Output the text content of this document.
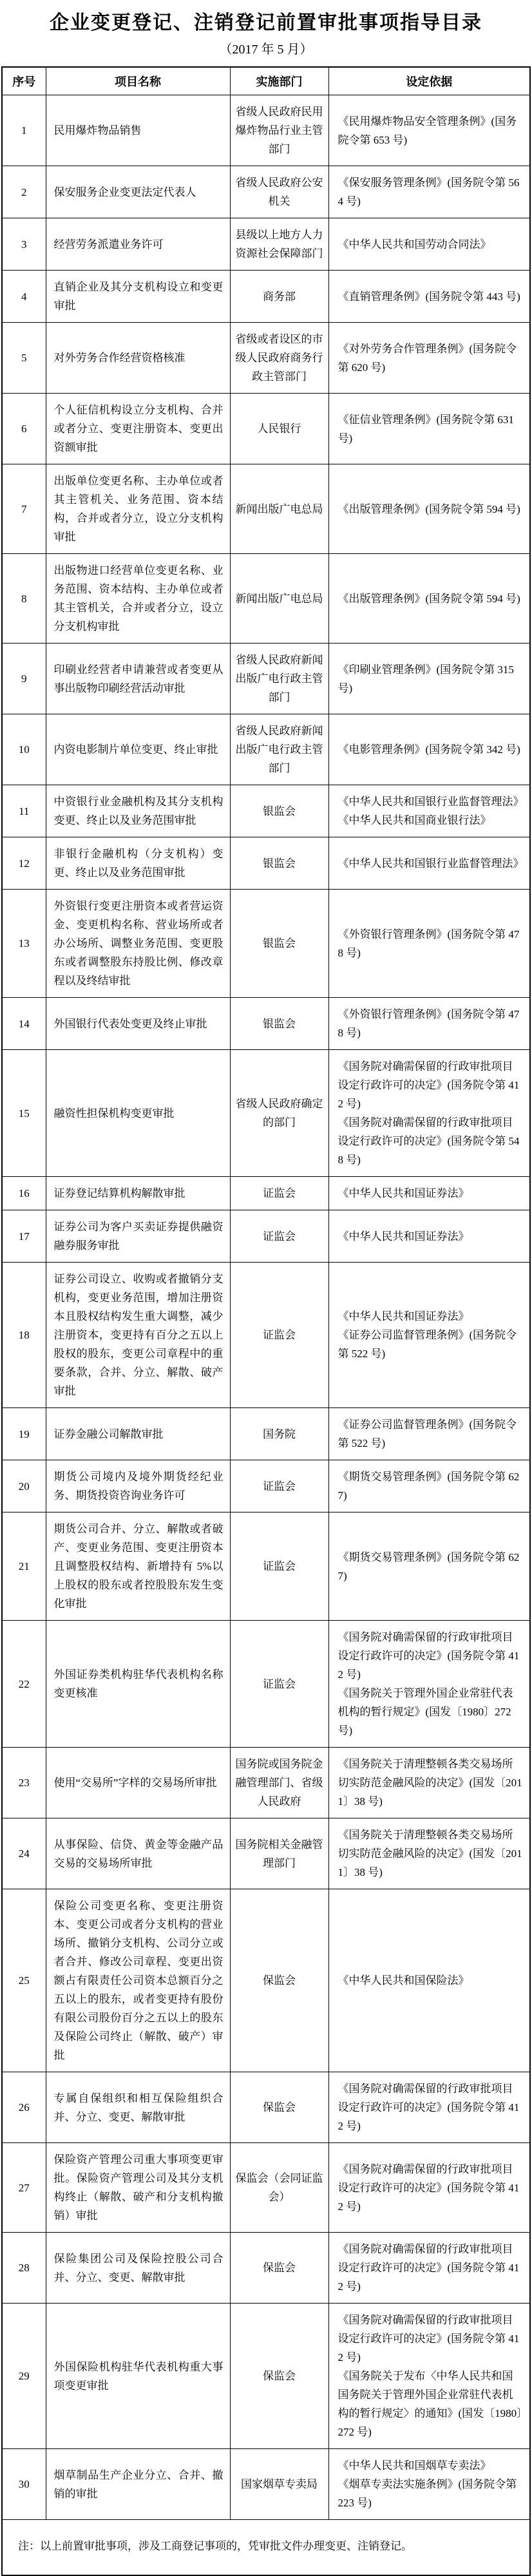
企业变更登记、注销登记前置审批事项指导目录
（2017 年 5 月）
序号	项目名称	实施部门	设定依据
1	民用爆炸物品销售	省级人民政府民用爆炸物品行业主管部门	《民用爆炸物品安全管理条例》(国务院令第 653 号)

2	保安服务企业变更法定代表人	省级人民政府公安机关	《保安服务管理条例》(国务院令第 564 号)

3	经营劳务派遣业务许可	县级以上地方人力资源社会保障部门	《中华人民共和国劳动合同法》

4	直销企业及其分支机构设立和变更审批	商务部	《直销管理条例》(国务院令第 443 号)

5	对外劳务合作经营资格核准	省级或者设区的市级人民政府商务行政主管部门	《对外劳务合作管理条例》(国务院令第 620 号)

6	个人征信机构设立分支机构、合并或者分立、变更注册资本、变更出资额审批	人民银行	《征信业管理条例》(国务院令第 631 号)

7	出版单位变更名称、主办单位或者其主管机关、业务范围、资本结构，合并或者分立，设立分支机构审批	新闻出版广电总局	《出版管理条例》(国务院令第 594 号)

8	出版物进口经营单位变更名称、业务范围、资本结构、主办单位或者其主管机关，合并或者分立，设立分支机构审批	新闻出版广电总局	《出版管理条例》(国务院令第 594 号)

9	印刷业经营者申请兼营或者变更从事出版物印刷经营活动审批	省级人民政府新闻出版广电行政主管部门	《印刷业管理条例》(国务院令第 315 号)

10	内资电影制片单位变更、终止审批	省级人民政府新闻出版广电行政主管部门	《电影管理条例》(国务院令第 342 号)

11	中资银行业金融机构及其分支机构变更、终止以及业务范围审批	银监会	《中华人民共和国银行业监督管理法》
《中华人民共和国商业银行法》

12	非银行金融机构（分支机构）变更、终止以及业务范围审批	银监会	《中华人民共和国银行业监督管理法》

13	外资银行变更注册资本或者营运资金、变更机构名称、营业场所或者办公场所、调整业务范围、变更股东或者调整股东持股比例、修改章程以及终结审批	银监会	《外资银行管理条例》(国务院令第 478 号)

14	外国银行代表处变更及终止审批	银监会	《外资银行管理条例》(国务院令第 478 号)

15	融资性担保机构变更审批	省级人民政府确定的部门	《国务院对确需保留的行政审批项目设定行政许可的决定》(国务院令第 412 号)
《国务院对确需保留的行政审批项目设定行政许可的决定》(国务院令第 548 号)

16	证券登记结算机构解散审批	证监会	《中华人民共和国证券法》

17	证券公司为客户买卖证券提供融资融券服务审批	证监会	《中华人民共和国证券法》

18	证券公司设立、收购或者撤销分支机构，变更业务范围，增加注册资本且股权结构发生重大调整，减少注册资本，变更持有百分之五以上股权的股东，变更公司章程中的重要条款，合并、分立、解散、破产审批	证监会	《中华人民共和国证券法》
《证券公司监督管理条例》(国务院令第 522 号)

19	证券金融公司解散审批	国务院	《证券公司监督管理条例》(国务院令第 522 号)

20	期货公司境内及境外期货经纪业务、期货投资咨询业务许可	证监会	《期货交易管理条例》(国务院令第 627)

21	期货公司合并、分立、解散或者破产、变更业务范围、变更注册资本且调整股权结构、新增持有 5%以上股权的股东或者控股股东发生变化审批	证监会	《期货交易管理条例》(国务院令第 627)

22	外国证券类机构驻华代表机构名称变更核准	证监会	《国务院对确需保留的行政审批项目设定行政许可的决定》(国务院令第 412 号)
《国务院关于管理外国企业常驻代表机构的暂行规定》(国发〔1980〕272 号)

23	使用“交易所”字样的交易场所审批	国务院或国务院金融管理部门、省级人民政府	《国务院关于清理整顿各类交易场所切实防范金融风险的决定》(国发〔2011〕38 号)

24	从事保险、信贷、黄金等金融产品交易的交易场所审批	国务院相关金融管理部门	《国务院关于清理整顿各类交易场所切实防范金融风险的决定》(国发〔2011〕38 号)

25	保险公司变更名称、变更注册资本、变更公司或者分支机构的营业场所、撤销分支机构、公司分立或者合并、修改公司章程、变更出资额占有限责任公司资本总额百分之五以上的股东，或者变更持有股份有限公司股份百分之五以上的股东及保险公司终止（解散、破产）审批	保监会	《中华人民共和国保险法》

26	专属自保组织和相互保险组织合并、分立、变更、解散审批	保监会	《国务院对确需保留的行政审批项目设定行政许可的决定》(国务院令第 412 号)

27	保险资产管理公司重大事项变更审批。保险资产管理公司及其分支机构终止（解散、破产和分支机构撤销）审批	保监会（会同证监会）	《国务院对确需保留的行政审批项目设定行政许可的决定》(国务院令第 412 号)

28	保险集团公司及保险控股公司合并、分立、变更、解散审批	保监会	《国务院对确需保留的行政审批项目设定行政许可的决定》(国务院令第 412 号)

29	外国保险机构驻华代表机构重大事项变更审批	保监会	《国务院对确需保留的行政审批项目设定行政许可的决定》(国务院令第 412 号)
《国务院关于发布〈中华人民共和国国务院关于管理外国企业常驻代表机构的暂行规定〉的通知》(国发〔1980〕272 号)

30	烟草制品生产企业分立、合并、撤销的审批	国家烟草专卖局	《中华人民共和国烟草专卖法》
《烟草专卖法实施条例》(国务院令第 223 号)

注：以上前置审批事项，涉及工商登记事项的，凭审批文件办理变更、注销登记。			
